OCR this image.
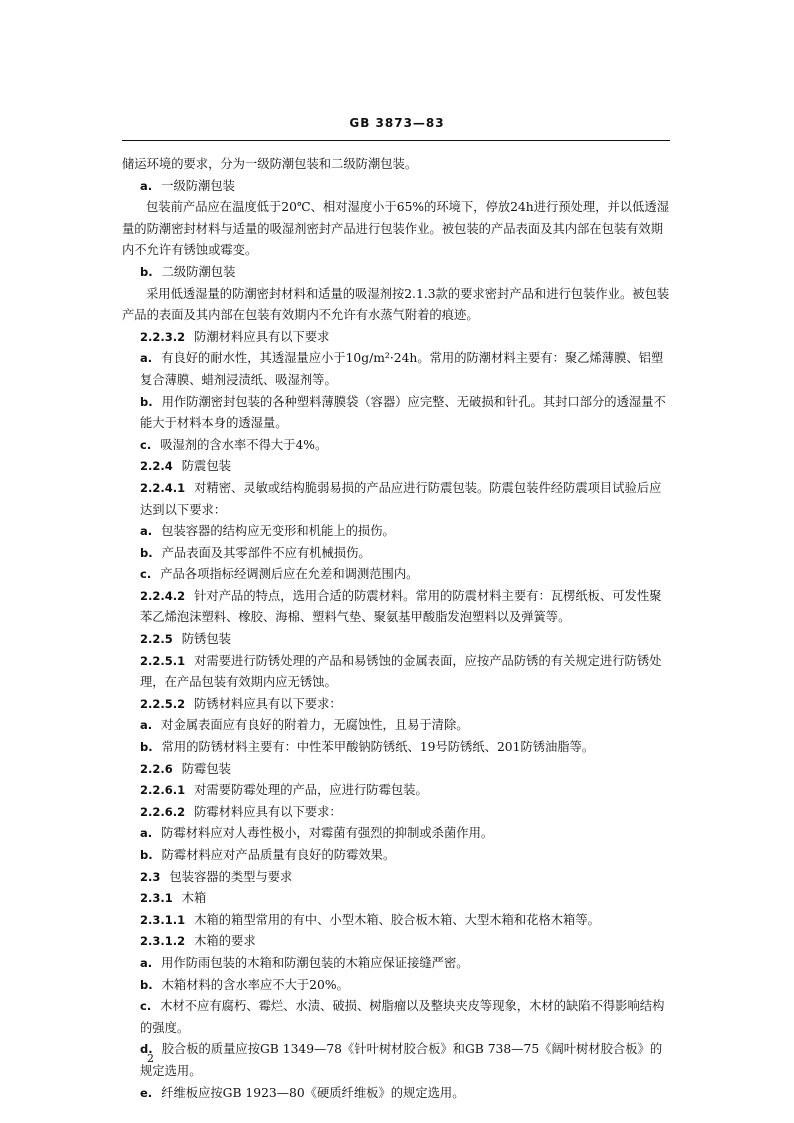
GB 3873—83

储运环境的要求，分为一级防潮包装和二级防潮包装。

a. 一级防潮包装

包装前产品应在温度低于20℃、相对湿度小于65%的环境下，停放24h进行预处理，并以低透湿量的防潮密封材料与适量的吸湿剂密封产品进行包装作业。被包装的产品表面及其内部在包装有效期内不允许有锈蚀或霉变。

b. 二级防潮包装

采用低透湿量的防潮密封材料和适量的吸湿剂按2.1.3款的要求密封产品和进行包装作业。被包装产品的表面及其内部在包装有效期内不允许有水蒸气附着的痕迹。

2.2.3.2 防潮材料应具有以下要求

a. 有良好的耐水性，其透湿量应小于10g/m²·24h。常用的防潮材料主要有：聚乙烯薄膜、铝塑复合薄膜、蜡剂浸渍纸、吸湿剂等。

b. 用作防潮密封包装的各种塑料薄膜袋（容器）应完整、无破损和针孔。其封口部分的透湿量不能大于材料本身的透湿量。

c. 吸湿剂的含水率不得大于4%。

2.2.4 防震包装

2.2.4.1 对精密、灵敏或结构脆弱易损的产品应进行防震包装。防震包装件经防震项目试验后应达到以下要求：

a. 包装容器的结构应无变形和机能上的损伤。

b. 产品表面及其零部件不应有机械损伤。

c. 产品各项指标经调测后应在允差和调测范围内。

2.2.4.2 针对产品的特点，选用合适的防震材料。常用的防震材料主要有：瓦楞纸板、可发性聚苯乙烯泡沫塑料、橡胶、海棉、塑料气垫、聚氨基甲酸脂发泡塑料以及弹簧等。

2.2.5 防锈包装

2.2.5.1 对需要进行防锈处理的产品和易锈蚀的金属表面，应按产品防锈的有关规定进行防锈处理，在产品包装有效期内应无锈蚀。

2.2.5.2 防锈材料应具有以下要求：

a. 对金属表面应有良好的附着力，无腐蚀性，且易于清除。

b. 常用的防锈材料主要有：中性苯甲酸钠防锈纸、19号防锈纸、201防锈油脂等。

2.2.6 防霉包装

2.2.6.1 对需要防霉处理的产品，应进行防霉包装。

2.2.6.2 防霉材料应具有以下要求：

a. 防霉材料应对人毒性极小，对霉菌有强烈的抑制或杀菌作用。

b. 防霉材料应对产品质量有良好的防霉效果。

2.3 包装容器的类型与要求

2.3.1 木箱

2.3.1.1 木箱的箱型常用的有中、小型木箱、胶合板木箱、大型木箱和花格木箱等。

2.3.1.2 木箱的要求

a. 用作防雨包装的木箱和防潮包装的木箱应保证接缝严密。

b. 木箱材料的含水率应不大于20%。

c. 木材不应有腐朽、霉烂、水渍、破损、树脂瘤以及整块夹皮等现象，木材的缺陷不得影响结构的强度。

d. 胶合板的质量应按GB 1349—78《针叶树材胶合板》和GB 738—75《阔叶树材胶合板》的规定选用。

e. 纤维板应按GB 1923—80《硬质纤维板》的规定选用。

2
